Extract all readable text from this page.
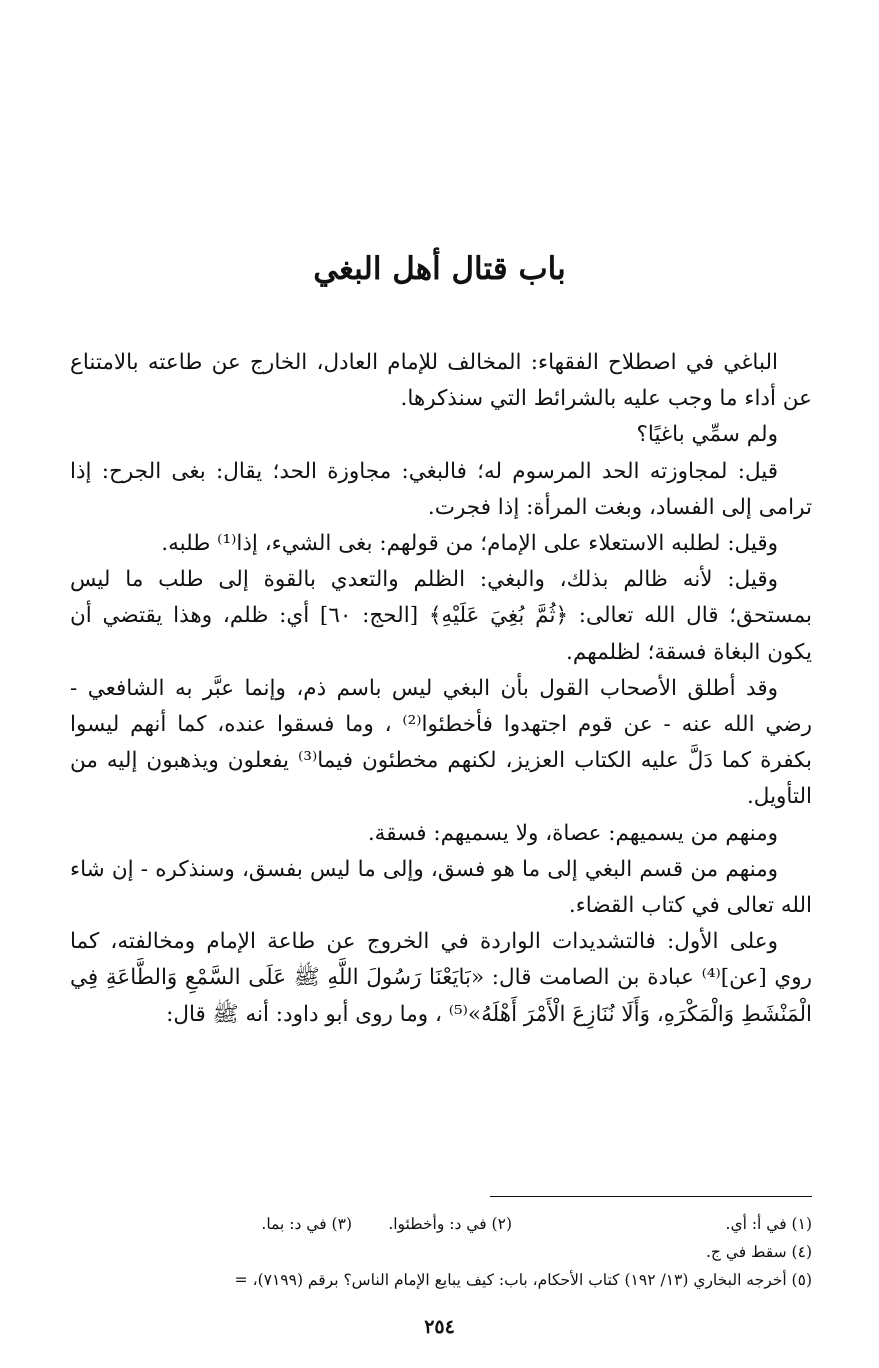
باب قتال أهل البغي

الباغي في اصطلاح الفقهاء: المخالف للإمام العادل، الخارج عن طاعته بالامتناع عن أداء ما وجب عليه بالشرائط التي سنذكرها.

ولم سمِّي باغيًا؟

قيل: لمجاوزته الحد المرسوم له؛ فالبغي: مجاوزة الحد؛ يقال: بغى الجرح: إذا ترامى إلى الفساد، وبغت المرأة: إذا فجرت.

وقيل: لطلبه الاستعلاء على الإمام؛ من قولهم: بغى الشيء، إذا⁽¹⁾ طلبه.

وقيل: لأنه ظالم بذلك، والبغي: الظلم والتعدي بالقوة إلى طلب ما ليس بمستحق؛ قال الله تعالى: ﴿ثُمَّ بُغِيَ عَلَيْهِ﴾ [الحج: ٦٠] أي: ظلم، وهذا يقتضي أن يكون البغاة فسقة؛ لظلمهم.

وقد أطلق الأصحاب القول بأن البغي ليس باسم ذم، وإنما عبَّر به الشافعي - رضي الله عنه - عن قوم اجتهدوا فأخطئوا⁽²⁾ ، وما فسقوا عنده، كما أنهم ليسوا بكفرة كما دَلَّ عليه الكتاب العزيز، لكنهم مخطئون فيما⁽³⁾ يفعلون ويذهبون إليه من التأويل.

ومنهم من يسميهم: عصاة، ولا يسميهم: فسقة.

ومنهم من قسم البغي إلى ما هو فسق، وإلى ما ليس بفسق، وسنذكره - إن شاء الله تعالى في كتاب القضاء.

وعلى الأول: فالتشديدات الواردة في الخروج عن طاعة الإمام ومخالفته، كما روي [عن]⁽⁴⁾ عبادة بن الصامت قال: «بَايَعْنَا رَسُولَ اللَّهِ ﷺ عَلَى السَّمْعِ وَالطَّاعَةِ فِي الْمَنْشَطِ وَالْمَكْرَهِ، وَأَلَا نُنَازِعَ الْأَمْرَ أَهْلَهُ»⁽⁵⁾ ، وما روى أبو داود: أنه ﷺ قال:

(١) في أ: أي.
(٢) في د: وأخطئوا.
(٣) في د: بما.
(٤) سقط في ج.
(٥) أخرجه البخاري (١٣/ ١٩٢) كتاب الأحكام، باب: كيف يبايع الإمام الناس؟ برقم (٧١٩٩)، =
٢٥٤
